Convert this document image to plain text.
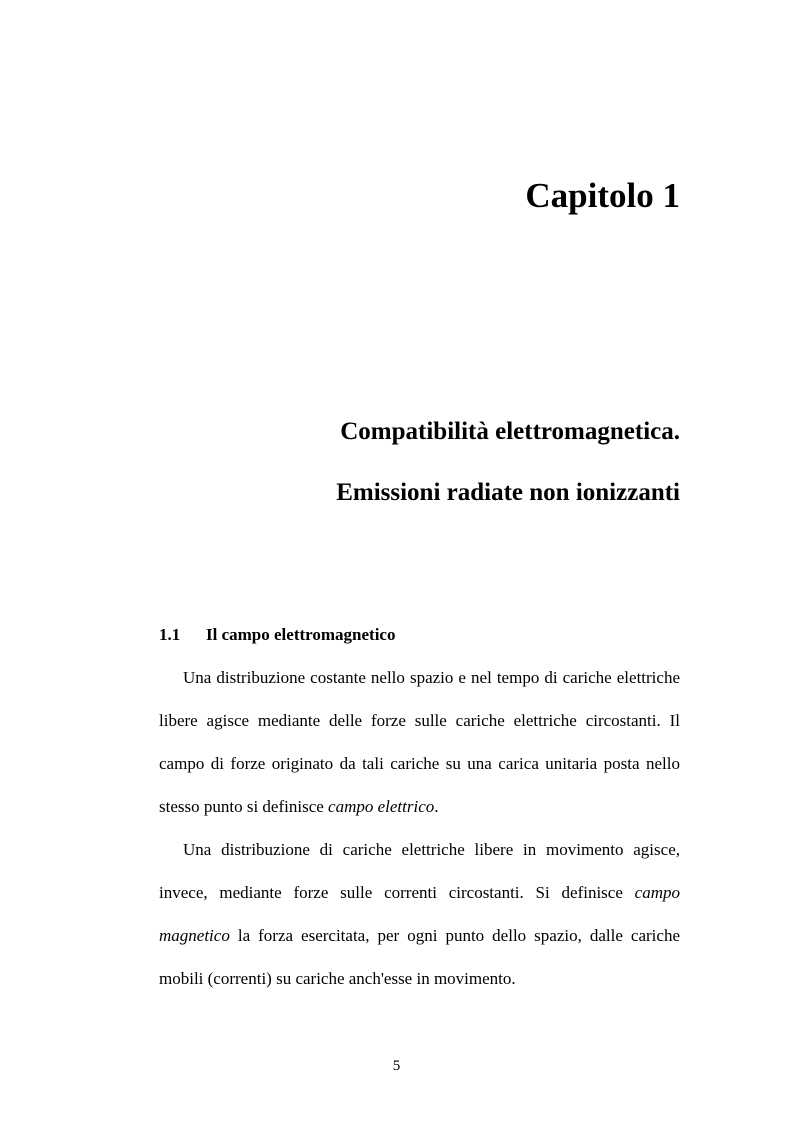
Capitolo 1
Compatibilità elettromagnetica.
Emissioni radiate non ionizzanti
1.1 Il campo elettromagnetico

Una distribuzione costante nello spazio e nel tempo di cariche elettriche libere agisce mediante delle forze sulle cariche elettriche circostanti. Il campo di forze originato da tali cariche su una carica unitaria posta nello stesso punto si definisce campo elettrico.

Una distribuzione di cariche elettriche libere in movimento agisce, invece, mediante forze sulle correnti circostanti. Si definisce campo magnetico la forza esercitata, per ogni punto dello spazio, dalle cariche mobili (correnti) su cariche anch'esse in movimento.

5
